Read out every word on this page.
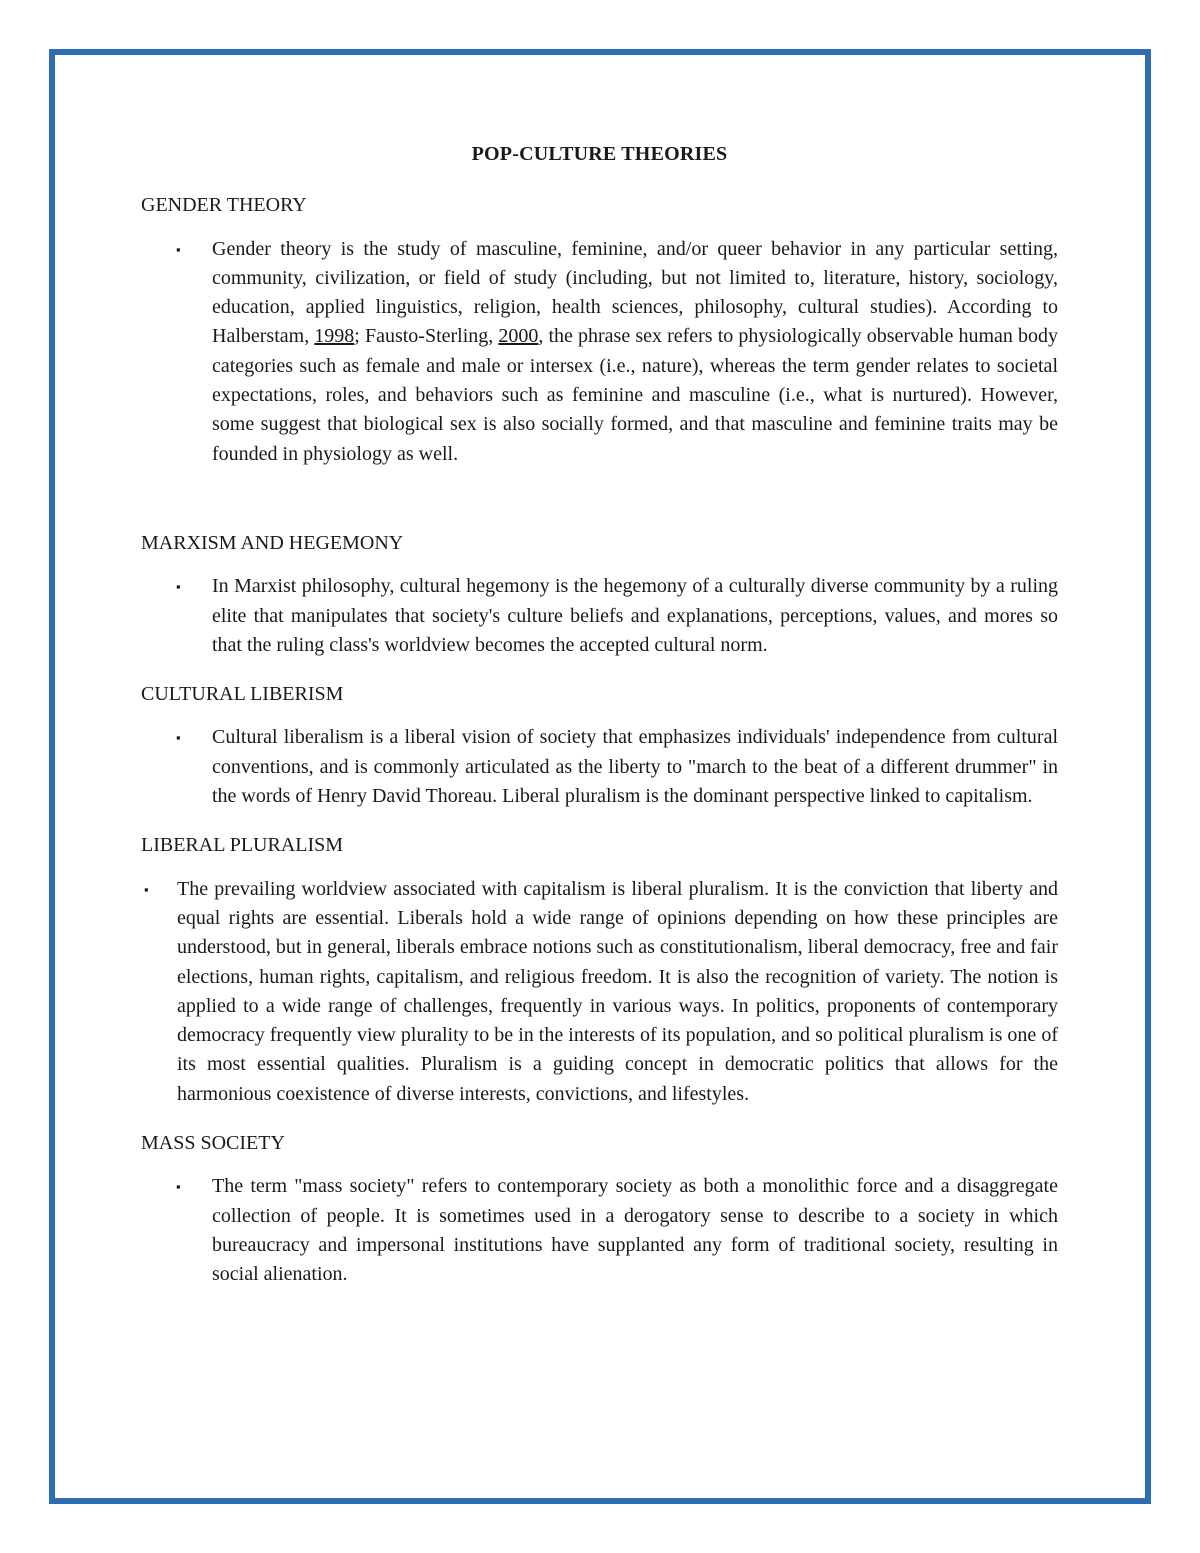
POP-CULTURE THEORIES
GENDER THEORY
▪ Gender theory is the study of masculine, feminine, and/or queer behavior in any particular setting, community, civilization, or field of study (including, but not limited to, literature, history, sociology, education, applied linguistics, religion, health sciences, philosophy, cultural studies). According to Halberstam, 1998; Fausto-Sterling, 2000, the phrase sex refers to physiologically observable human body categories such as female and male or intersex (i.e., nature), whereas the term gender relates to societal expectations, roles, and behaviors such as feminine and masculine (i.e., what is nurtured). However, some suggest that biological sex is also socially formed, and that masculine and feminine traits may be founded in physiology as well.

MARXISM AND HEGEMONY
▪ In Marxist philosophy, cultural hegemony is the hegemony of a culturally diverse community by a ruling elite that manipulates that society's culture beliefs and explanations, perceptions, values, and mores so that the ruling class's worldview becomes the accepted cultural norm.

CULTURAL LIBERISM
▪ Cultural liberalism is a liberal vision of society that emphasizes individuals' independence from cultural conventions, and is commonly articulated as the liberty to "march to the beat of a different drummer" in the words of Henry David Thoreau. Liberal pluralism is the dominant perspective linked to capitalism.

LIBERAL PLURALISM
▪ The prevailing worldview associated with capitalism is liberal pluralism. It is the conviction that liberty and equal rights are essential. Liberals hold a wide range of opinions depending on how these principles are understood, but in general, liberals embrace notions such as constitutionalism, liberal democracy, free and fair elections, human rights, capitalism, and religious freedom. It is also the recognition of variety. The notion is applied to a wide range of challenges, frequently in various ways. In politics, proponents of contemporary democracy frequently view plurality to be in the interests of its population, and so political pluralism is one of its most essential qualities. Pluralism is a guiding concept in democratic politics that allows for the harmonious coexistence of diverse interests, convictions, and lifestyles.

MASS SOCIETY
▪ The term "mass society" refers to contemporary society as both a monolithic force and a disaggregate collection of people. It is sometimes used in a derogatory sense to describe to a society in which bureaucracy and impersonal institutions have supplanted any form of traditional society, resulting in social alienation.
